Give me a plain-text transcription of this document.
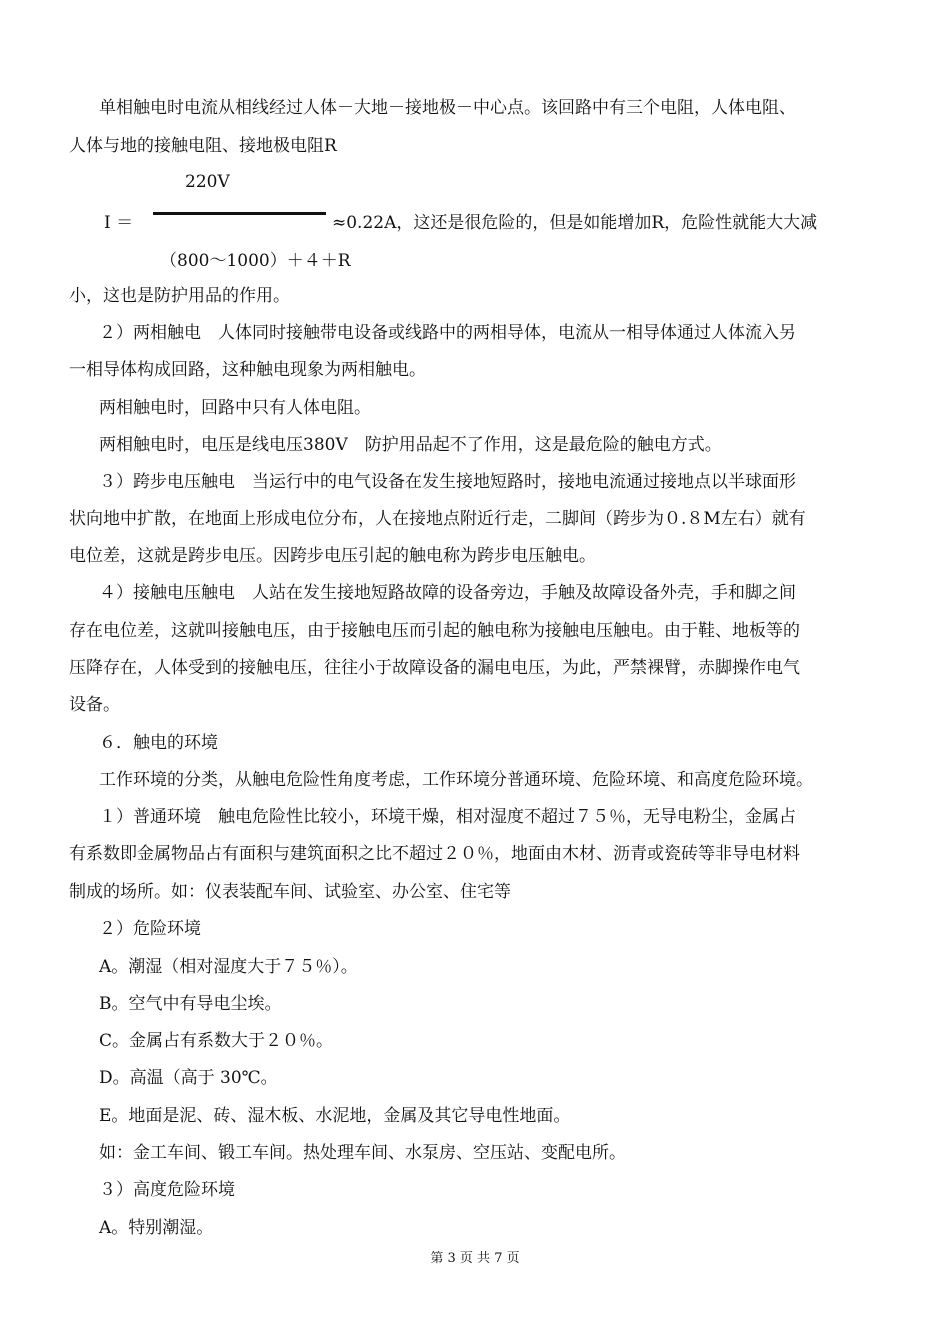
单相触电时电流从相线经过人体－大地－接地极－中心点。该回路中有三个电阻，人体电阻、
人体与地的接触电阻、接地极电阻R
220V
I ＝	≈0.22A，这还是很危险的，但是如能增加R，危险性就能大大减
（800～1000）＋４＋R
小，这也是防护用品的作用。
２）两相触电　人体同时接触带电设备或线路中的两相导体，电流从一相导体通过人体流入另
一相导体构成回路，这种触电现象为两相触电。
两相触电时，回路中只有人体电阻。
两相触电时，电压是线电压380V　防护用品起不了作用，这是最危险的触电方式。
３）跨步电压触电　当运行中的电气设备在发生接地短路时，接地电流通过接地点以半球面形
状向地中扩散，在地面上形成电位分布，人在接地点附近行走，二脚间（跨步为０.８M左右）就有
电位差，这就是跨步电压。因跨步电压引起的触电称为跨步电压触电。
４）接触电压触电　人站在发生接地短路故障的设备旁边，手触及故障设备外壳，手和脚之间
存在电位差，这就叫接触电压，由于接触电压而引起的触电称为接触电压触电。由于鞋、地板等的
压降存在，人体受到的接触电压，往往小于故障设备的漏电电压，为此，严禁裸臂，赤脚操作电气
设备。
６．触电的环境
工作环境的分类，从触电危险性角度考虑，工作环境分普通环境、危险环境、和高度危险环境。
１）普通环境　触电危险性比较小，环境干燥，相对湿度不超过７５％，无导电粉尘，金属占
有系数即金属物品占有面积与建筑面积之比不超过２０％，地面由木材、沥青或瓷砖等非导电材料
制成的场所。如：仪表装配车间、试验室、办公室、住宅等
２）危险环境
A。潮湿（相对湿度大于７５％）。
B。空气中有导电尘埃。
C。金属占有系数大于２０％。
D。高温（高于 30℃。
E。地面是泥、砖、湿木板、水泥地，金属及其它导电性地面。
如：金工车间、锻工车间。热处理车间、水泵房、空压站、变配电所。
３）高度危险环境
A。特别潮湿。
第 3 页 共 7 页
